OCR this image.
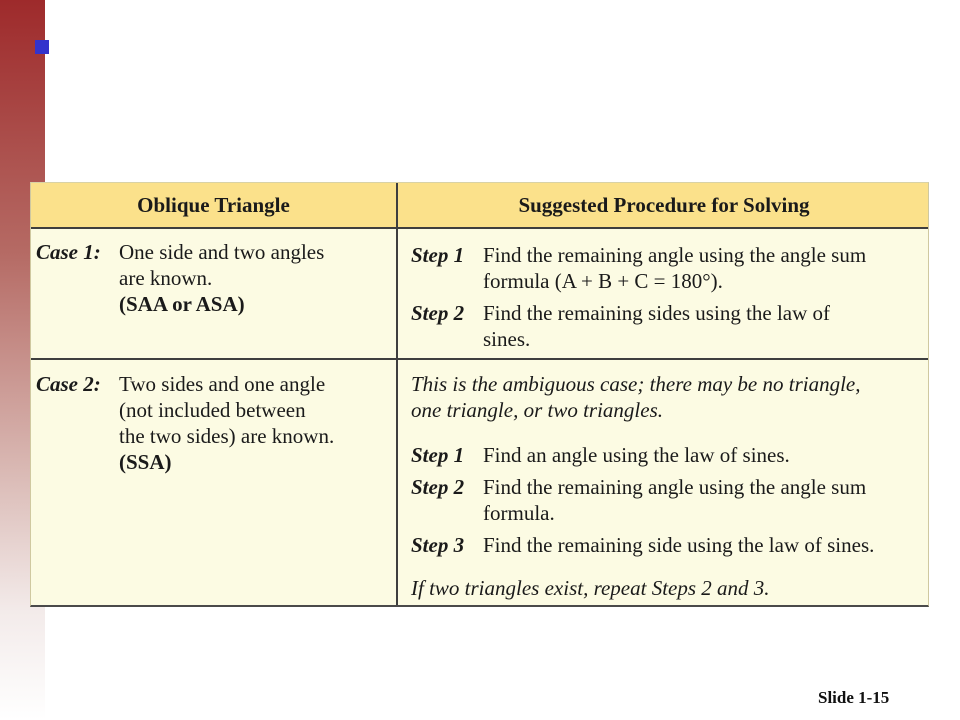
Oblique Triangle	Suggested Procedure for Solving
Case 1: One side and two angles
are known.
(SAA or ASA)
Step 1 Find the remaining angle using the angle sum
formula (A + B + C = 180°).
Step 2 Find the remaining sides using the law of
sines.
Case 2: Two sides and one angle
(not included between
the two sides) are known.
(SSA)
This is the ambiguous case; there may be no triangle,
one triangle, or two triangles.
Step 1 Find an angle using the law of sines.
Step 2 Find the remaining angle using the angle sum
formula.
Step 3 Find the remaining side using the law of sines.
If two triangles exist, repeat Steps 2 and 3.
Slide 1-15
